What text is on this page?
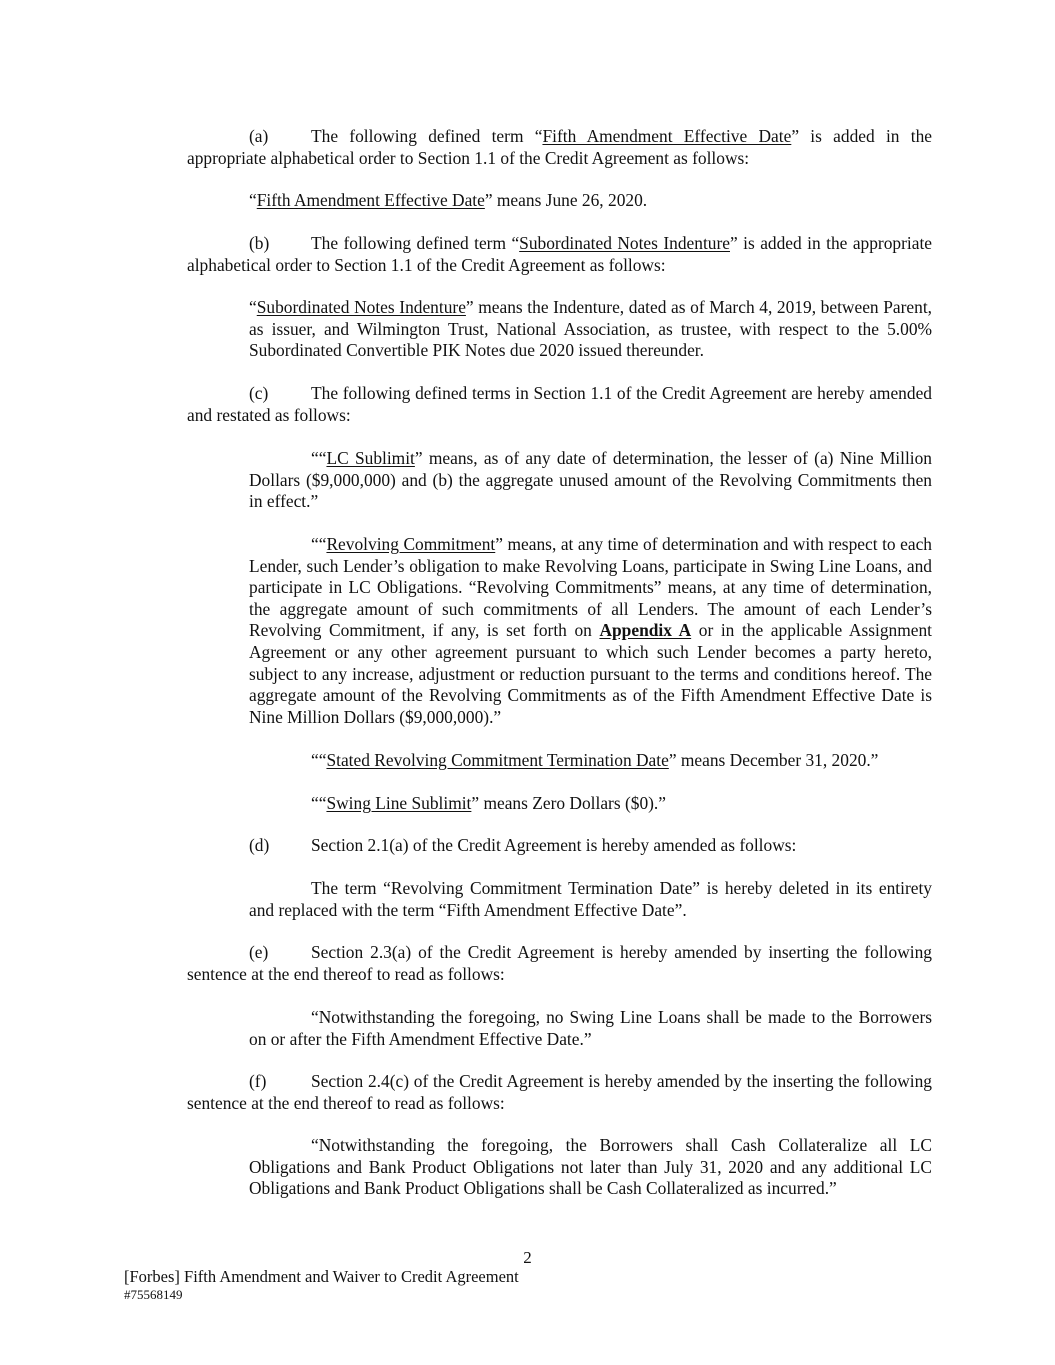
(a) The following defined term “Fifth Amendment Effective Date” is added in the appropriate alphabetical order to Section 1.1 of the Credit Agreement as follows:

“Fifth Amendment Effective Date” means June 26, 2020.

(b) The following defined term “Subordinated Notes Indenture” is added in the appropriate alphabetical order to Section 1.1 of the Credit Agreement as follows:

“Subordinated Notes Indenture” means the Indenture, dated as of March 4, 2019, between Parent, as issuer, and Wilmington Trust, National Association, as trustee, with respect to the 5.00% Subordinated Convertible PIK Notes due 2020 issued thereunder.

(c) The following defined terms in Section 1.1 of the Credit Agreement are hereby amended and restated as follows:

““LC Sublimit” means, as of any date of determination, the lesser of (a) Nine Million Dollars ($9,000,000) and (b) the aggregate unused amount of the Revolving Commitments then in effect.”

““Revolving Commitment” means, at any time of determination and with respect to each Lender, such Lender’s obligation to make Revolving Loans, participate in Swing Line Loans, and participate in LC Obligations. “Revolving Commitments” means, at any time of determination, the aggregate amount of such commitments of all Lenders. The amount of each Lender’s Revolving Commitment, if any, is set forth on Appendix A or in the applicable Assignment Agreement or any other agreement pursuant to which such Lender becomes a party hereto, subject to any increase, adjustment or reduction pursuant to the terms and conditions hereof. The aggregate amount of the Revolving Commitments as of the Fifth Amendment Effective Date is Nine Million Dollars ($9,000,000).”

““Stated Revolving Commitment Termination Date” means December 31, 2020.”

““Swing Line Sublimit” means Zero Dollars ($0).”

(d) Section 2.1(a) of the Credit Agreement is hereby amended as follows:

The term “Revolving Commitment Termination Date” is hereby deleted in its entirety and replaced with the term “Fifth Amendment Effective Date”.

(e) Section 2.3(a) of the Credit Agreement is hereby amended by inserting the following sentence at the end thereof to read as follows:

“Notwithstanding the foregoing, no Swing Line Loans shall be made to the Borrowers on or after the Fifth Amendment Effective Date.”

(f)	Section 2.4(c) of the Credit Agreement is hereby amended by the inserting the following sentence at the end thereof to read as follows:

“Notwithstanding the foregoing, the Borrowers shall Cash Collateralize all LC Obligations and Bank Product Obligations not later than July 31, 2020 and any additional LC Obligations and Bank Product Obligations shall be Cash Collateralized as incurred.”

2
[Forbes] Fifth Amendment and Waiver to Credit Agreement
#75568149
